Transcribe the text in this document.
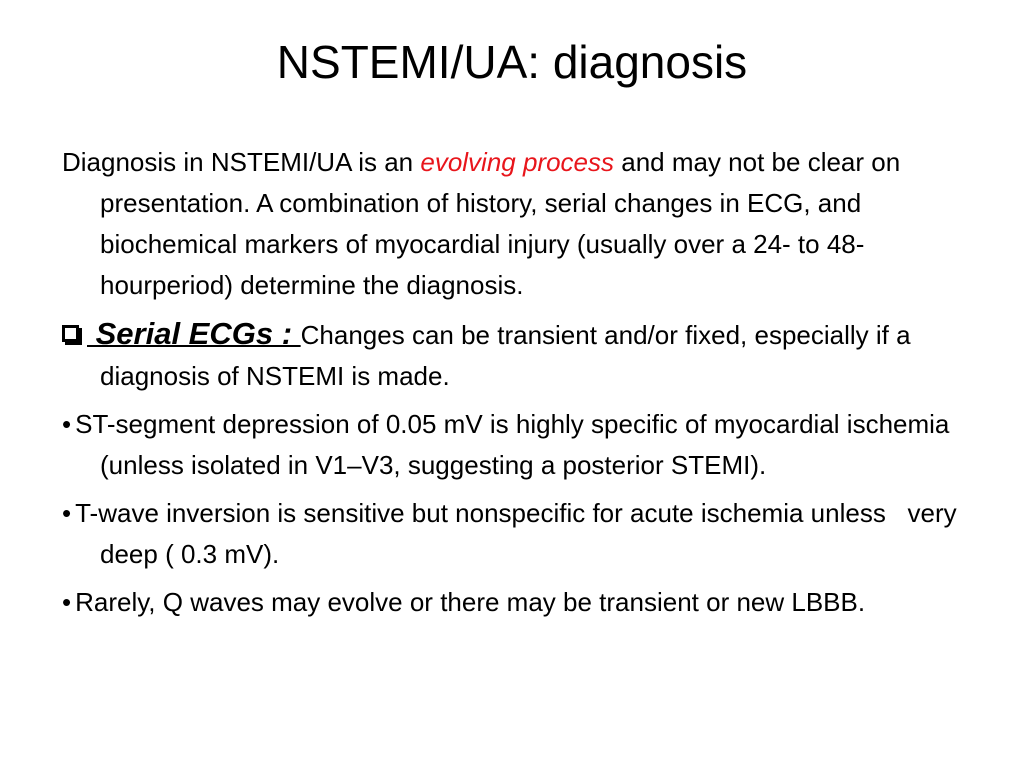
NSTEMI/UA: diagnosis

Diagnosis in NSTEMI/UA is an evolving process and may not be clear on presentation. A combination of history, serial changes in ECG, and biochemical markers of myocardial injury (usually over a 24- to 48-hourperiod) determine the diagnosis.

Serial ECGs : Changes can be transient and/or fixed, especially if a diagnosis of NSTEMI is made.

• ST-segment depression of 0.05 mV is highly specific of myocardial ischemia (unless isolated in V1–V3, suggesting a posterior STEMI).

• T-wave inversion is sensitive but nonspecific for acute ischemia unless   very deep ( 0.3 mV).

• Rarely, Q waves may evolve or there may be transient or new LBBB.
